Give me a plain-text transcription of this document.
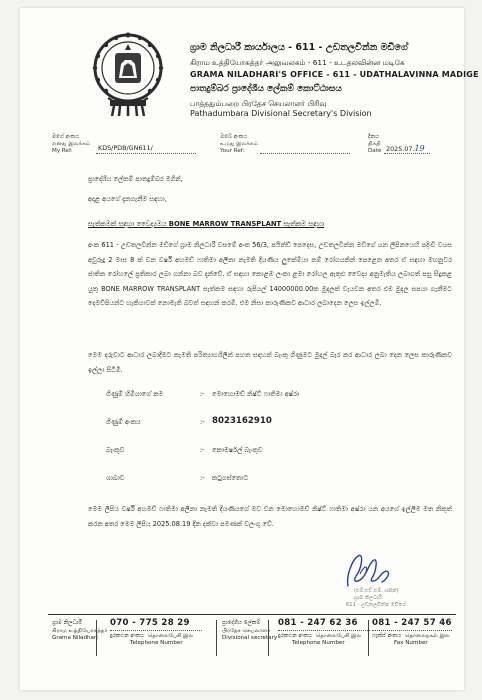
ග්‍රාම නිලධාරී කාර්යාලය - 611 - උඩතලවින්න මඩිගේ
கிராம உத்தியோகத்தர் அலுவலகம் - 611 - உடதலவின்ன மடிகே
GRAMA NILADHARI'S OFFICE - 611 - UDATHALAVINNA MADIGE
පාතදුම්බර ප්‍රාදේශීය ලේකම් කොට්ඨාසය
பாத்ததும்பறை பிரதேச செயலாளர் பிரிவு
Pathadumbara Divisional Secretary's Division
මගේ අංකය
எனது இலக்கம்
My Ref:	KDS/PDB/GN611/
ඔබේ අංකය
உமது இலக்கம்
Your Ref:
දිනය
திகதி
Date 2025.07.19
ප්‍රාදේශීය ලේකම් පාතදුම්බර මගින්,
අදාළ අයගේ දැනගැනීම සඳහා,
සැත්කමක් සඳහා වෛද්‍යමය BONE MARROW TRANSPLANT සැත්කම සඳහා
අංක 611 - උඩතලවින්න මඩිගේ ග්‍රාම නිලධාරී වසමේ අංක 56/3, පයින්ඩ් පෙදෙස, උඩතලවින්න මඩිගේ යන ලිපිනයෙහි පදිංචි වයස අවුරුදු 2 මාස 8 ක් වන වර්ෂී අහමඩ් ෆාතිමා අලීනා නැමති දියණිය ලුකේමියා නම් රෝගයකින් පෙළෙන අතර ඒ සඳහා මහනුවර ජාතික රෝහලේ ප්‍රතිකාර ලබා ගන්නා බව දැන්වේ. ඒ සඳහා කොළඹ ලංකා ළමා රෝහල ඇතුළු වෛද්‍ය අනුමැතිය ලබාගත් පසු සිදුකළ යුතු BONE MARROW TRANSPLANT සැත්කම සඳහා රුපියල් 14000000.00ක මුදලක් වැයවන අතර එම මුදල සපයා ගැනීමට දෙමව්පියන්ට හැකියාවක් නොමැති බවත් සඳහන් කරමි. එම නිසා කාරුණිකව ආධාර ලබාදෙන ලෙස ඉල්ලමි.
මෙම දරුවාට ආධාර ලබාදීමට කැමති පරිත්‍යාගශීලීන් පහත සඳහන් බැංකු ගිණුමට මුදල් බැර කර ආධාර ලබා දෙන ලෙස කාරුණිකව ඉල්ලා සිටිමි.
ගිණුම් හිමියාගේ නම	:- මොහොමඩ් නිෂ්ට් ෆාතිමා අෂ්රා
ගිණුම් අංකය	:- 8023162910
බැංකුව	:- කොමර්ෂල් බැංකුව
ශාඛාව	:- කටුගස්තොට
මෙම ලිපිය වර්ෂී අහමඩ් ෆාතිමා අලීනා නැමති දියණියගේ මව වන මොහොමඩ් නිෂ්ට් ෆාතිමා අෂ්රා යන අයගේ ඉල්ලීම මත නිකුත් කරන අතර මෙම ලිපිය 2025.08.19 දින දක්වා පමණක් වලංගු වේ.
(එම්.එච්.එම්. හසීන්)
ග්‍රාම නිලධාරී
611 - උඩතලවින්න මඩිගේ
ග්‍රාම නිලධාරී
கிராம உத்தியோகத்தர்
Grama Niladhari
070 - 775 28 29
දුරකථන අංකය தொலைபேசி இல
Telephone Number
ප්‍රාදේශීය ලේකම්
பிரதேச செயலாளர்
Divisional secretary
081 - 247 62 36
දුරකථන අංකය தொலைபேசி இல
Telephone Number
081 - 247 57 46
ෆැක්ස් අංකය தொலைநகல் இல
Fax Number
